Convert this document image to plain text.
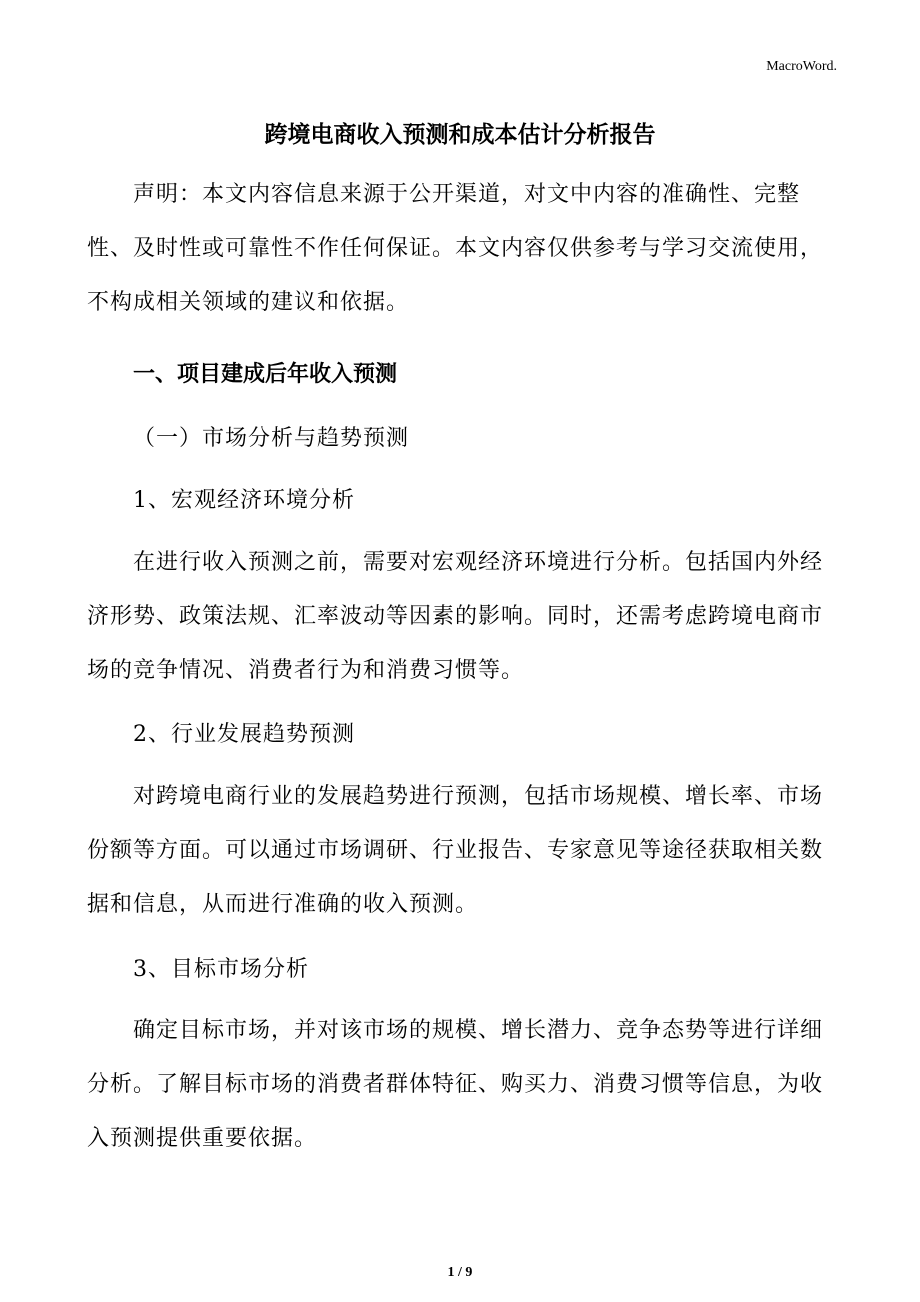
MacroWord.
跨境电商收入预测和成本估计分析报告

声明：本文内容信息来源于公开渠道，对文中内容的准确性、完整性、及时性或可靠性不作任何保证。本文内容仅供参考与学习交流使用，不构成相关领域的建议和依据。

一、项目建成后年收入预测
（一）市场分析与趋势预测
1、宏观经济环境分析

在进行收入预测之前，需要对宏观经济环境进行分析。包括国内外经济形势、政策法规、汇率波动等因素的影响。同时，还需考虑跨境电商市场的竞争情况、消费者行为和消费习惯等。

2、行业发展趋势预测

对跨境电商行业的发展趋势进行预测，包括市场规模、增长率、市场份额等方面。可以通过市场调研、行业报告、专家意见等途径获取相关数据和信息，从而进行准确的收入预测。

3、目标市场分析

确定目标市场，并对该市场的规模、增长潜力、竞争态势等进行详细分析。了解目标市场的消费者群体特征、购买力、消费习惯等信息，为收入预测提供重要依据。

1 / 9
